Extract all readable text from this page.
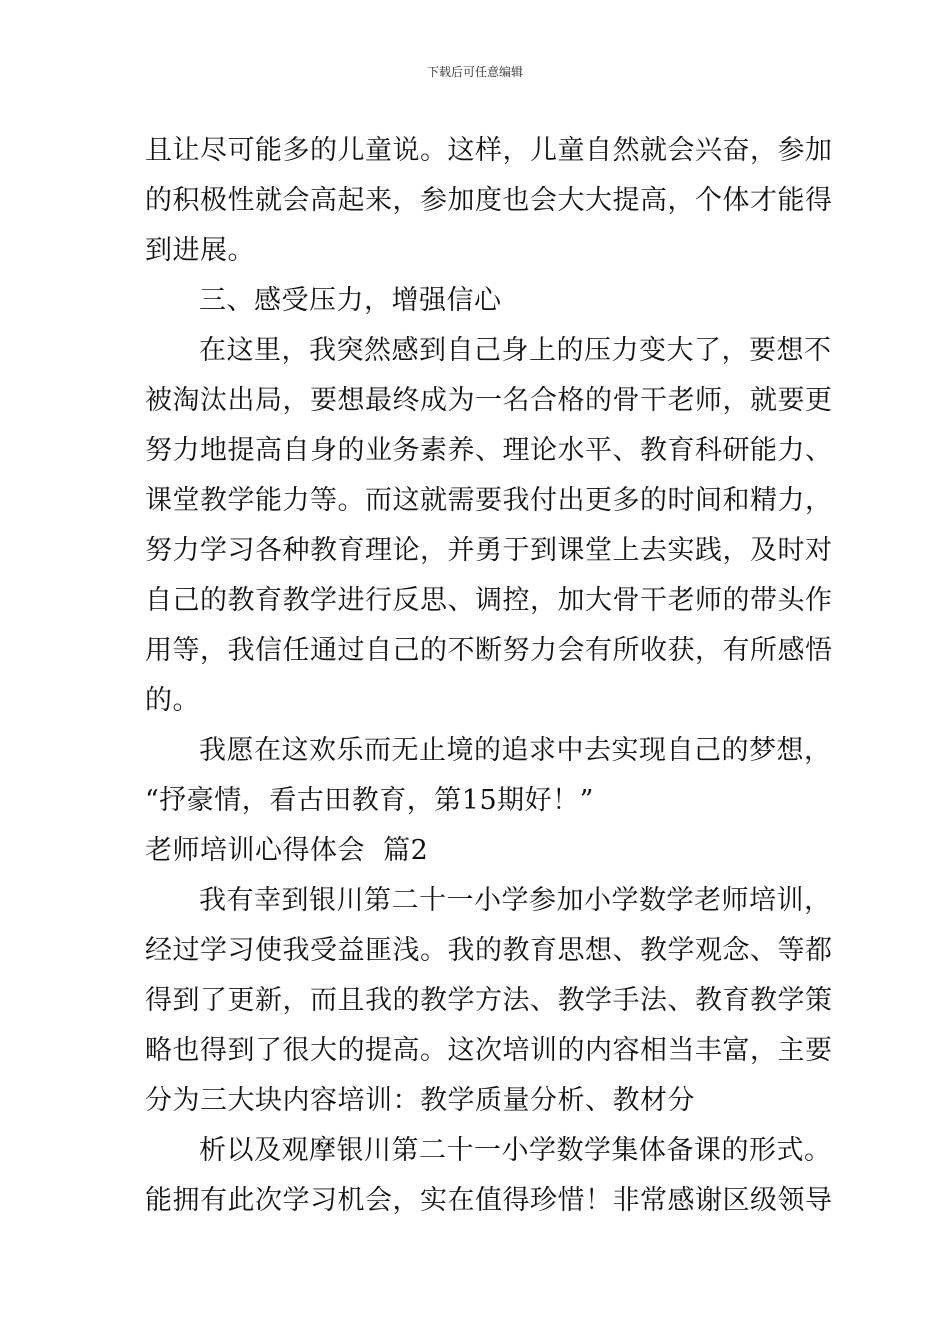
下载后可任意编辑
且让尽可能多的儿童说。这样，儿童自然就会兴奋，参加
的积极性就会高起来，参加度也会大大提高，个体才能得
到进展。
三、感受压力，增强信心
在这里，我突然感到自己身上的压力变大了，要想不
被淘汰出局，要想最终成为一名合格的骨干老师，就要更
努力地提高自身的业务素养、理论水平、教育科研能力、
课堂教学能力等。而这就需要我付出更多的时间和精力，
努力学习各种教育理论，并勇于到课堂上去实践，及时对
自己的教育教学进行反思、调控，加大骨干老师的带头作
用等，我信任通过自己的不断努力会有所收获，有所感悟
的。
我愿在这欢乐而无止境的追求中去实现自己的梦想，
“抒豪情，看古田教育，第15期好！”
老师培训心得体会  篇2
我有幸到银川第二十一小学参加小学数学老师培训，
经过学习使我受益匪浅。我的教育思想、教学观念、等都
得到了更新，而且我的教学方法、教学手法、教育教学策
略也得到了很大的提高。这次培训的内容相当丰富，主要
分为三大块内容培训：教学质量分析、教材分
析以及观摩银川第二十一小学数学集体备课的形式。
能拥有此次学习机会，实在值得珍惜！非常感谢区级领导
